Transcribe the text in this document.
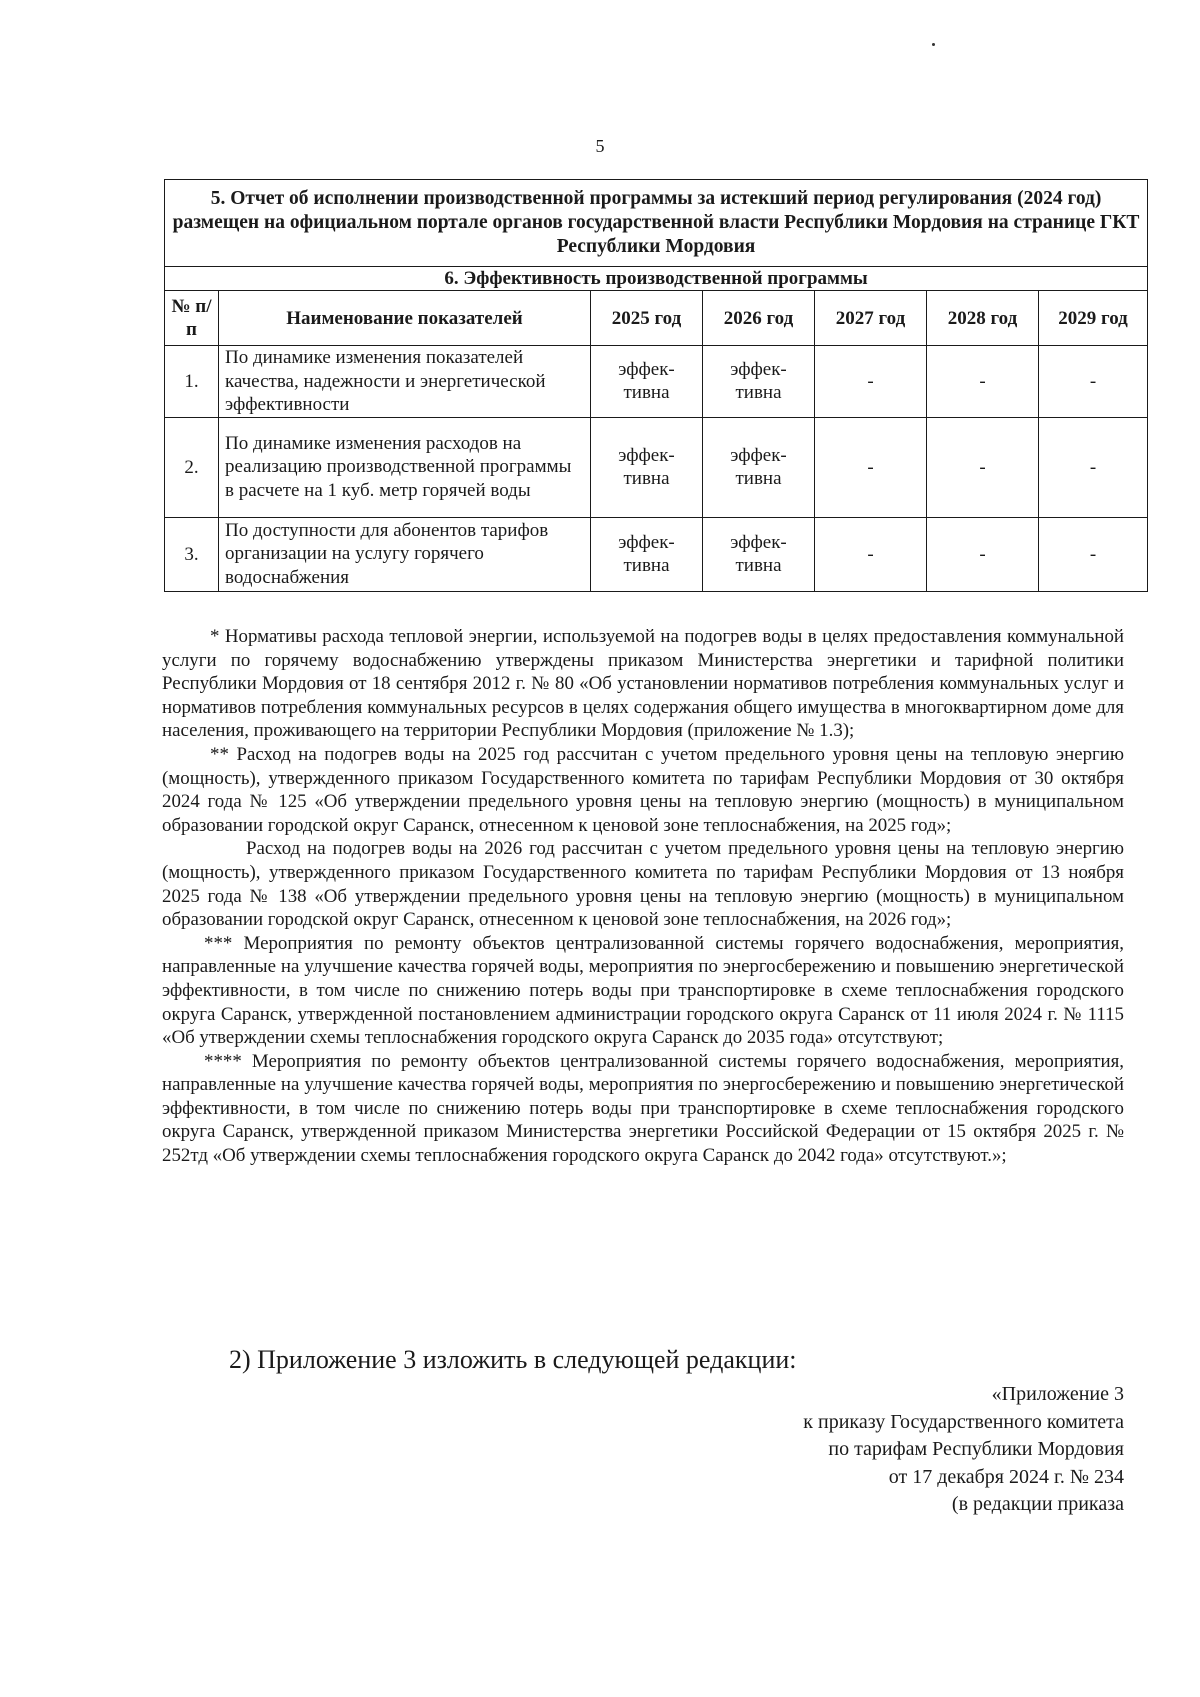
5
5. Отчет об исполнении производственной программы за истекший период регулирования (2024 год) размещен на официальном портале органов государственной власти Республики Мордовия на странице ГКТ Республики Мордовия						
6. Эффективность производственной программы						
№ п/п	Наименование показателей	2025 год	2026 год	2027 год	2028 год	2029 год
1.	По динамике изменения показателей качества, надежности и энергетической эффективности	эффек-тивна	эффек-тивна	-	-	-
2.	По динамике изменения расходов на реализацию производственной программы в расчете на 1 куб. метр горячей воды	эффек-тивна	эффек-тивна	-	-	-
3.	По доступности для абонентов тарифов организации на услугу горячего водоснабжения	эффек-тивна	эффек-тивна	-	-	-

* Нормативы расхода тепловой энергии, используемой на подогрев воды в целях предоставления коммунальной услуги по горячему водоснабжению утверждены приказом Министерства энергетики и тарифной политики Республики Мордовия от 18 сентября 2012 г. № 80 «Об установлении нормативов потребления коммунальных услуг и нормативов потребления коммунальных ресурсов в целях содержания общего имущества в многоквартирном доме для населения, проживающего на территории Республики Мордовия (приложение № 1.3);

** Расход на подогрев воды на 2025 год рассчитан с учетом предельного уровня цены на тепловую энергию (мощность), утвержденного приказом Государственного комитета по тарифам Республики Мордовия от 30 октября 2024 года № 125 «Об утверждении предельного уровня цены на тепловую энергию (мощность) в муниципальном образовании городской округ Саранск, отнесенном к ценовой зоне теплоснабжения, на 2025 год»;

Расход на подогрев воды на 2026 год рассчитан с учетом предельного уровня цены на тепловую энергию (мощность), утвержденного приказом Государственного комитета по тарифам Республики Мордовия от 13 ноября 2025 года № 138 «Об утверждении предельного уровня цены на тепловую энергию (мощность) в муниципальном образовании городской округ Саранск, отнесенном к ценовой зоне теплоснабжения, на 2026 год»;

*** Мероприятия по ремонту объектов централизованной системы горячего водоснабжения, мероприятия, направленные на улучшение качества горячей воды, мероприятия по энергосбережению и повышению энергетической эффективности, в том числе по снижению потерь воды при транспортировке в схеме теплоснабжения городского округа Саранск, утвержденной постановлением администрации городского округа Саранск от 11 июля 2024 г. № 1115 «Об утверждении схемы теплоснабжения городского округа Саранск до 2035 года» отсутствуют;

**** Мероприятия по ремонту объектов централизованной системы горячего водоснабжения, мероприятия, направленные на улучшение качества горячей воды, мероприятия по энергосбережению и повышению энергетической эффективности, в том числе по снижению потерь воды при транспортировке в схеме теплоснабжения городского округа Саранск, утвержденной приказом Министерства энергетики Российской Федерации от 15 октября 2025 г. № 252тд «Об утверждении схемы теплоснабжения городского округа Саранск до 2042 года» отсутствуют.»;

2) Приложение 3 изложить в следующей редакции:
«Приложение 3
к приказу Государственного комитета
по тарифам Республики Мордовия
от 17 декабря 2024 г. № 234
(в редакции приказа
